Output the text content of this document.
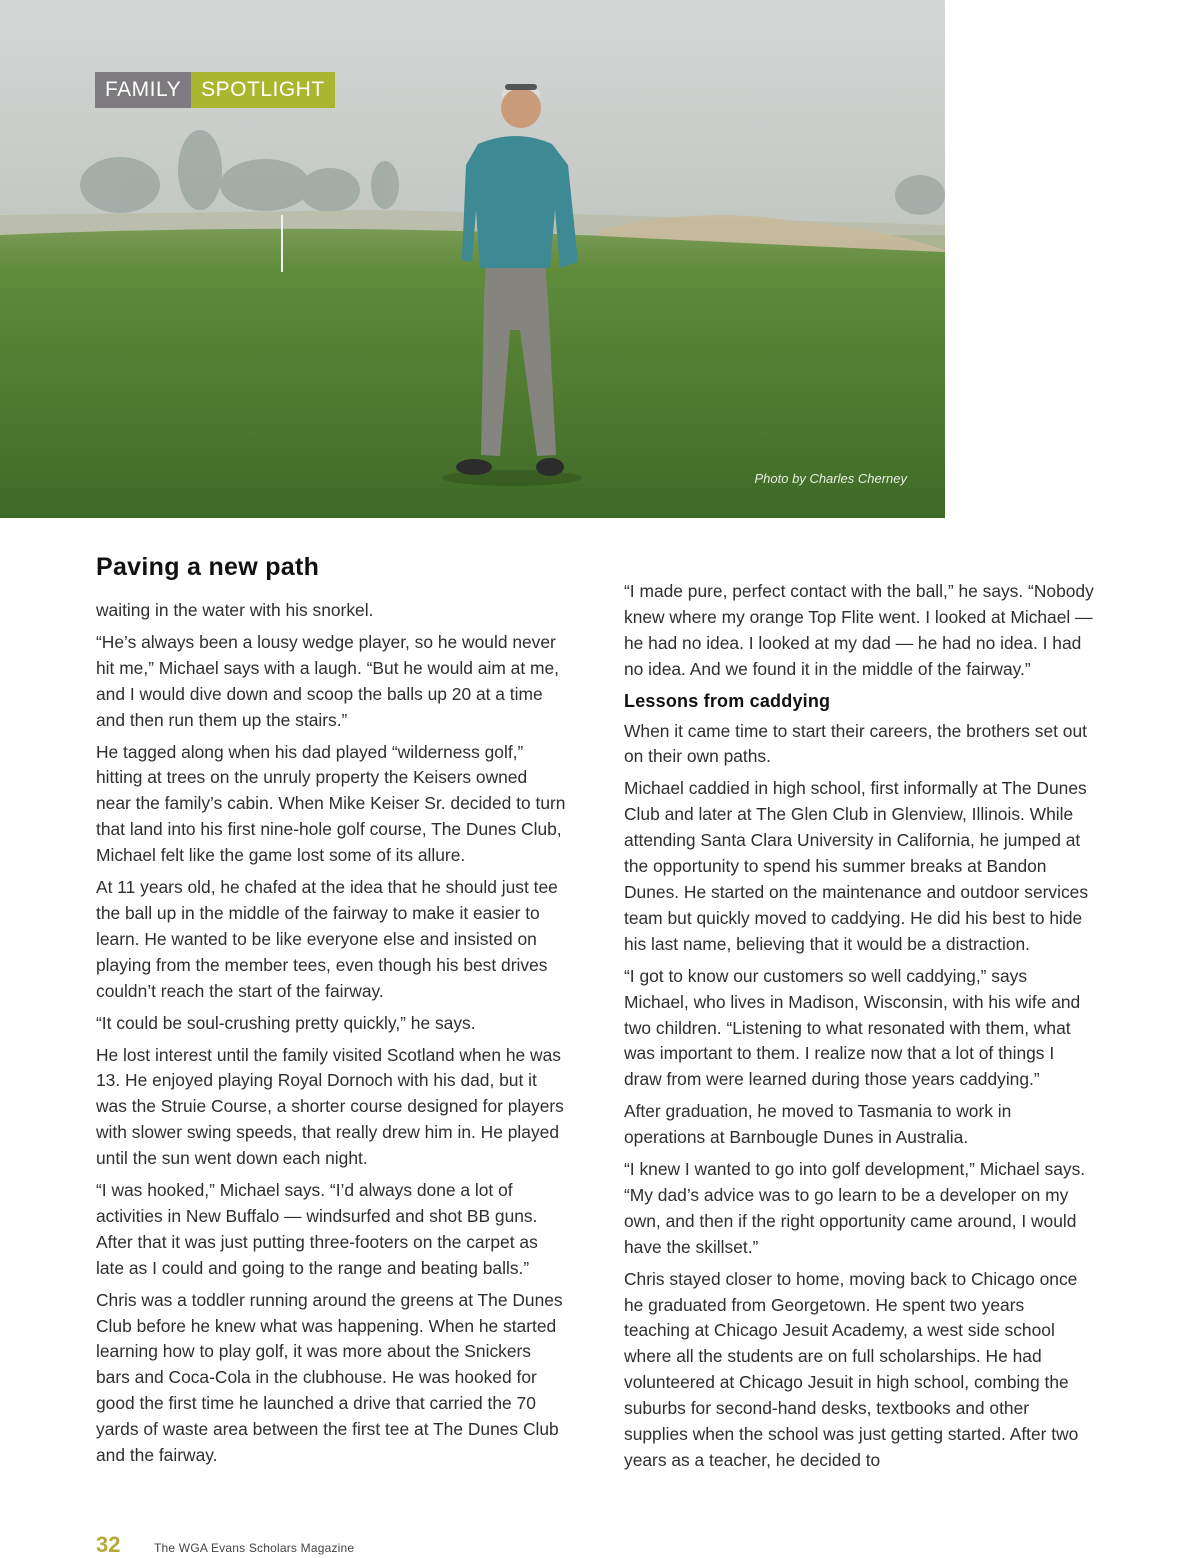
FAMILY SPOTLIGHT
Photo by Charles Cherney
Paving a new path

waiting in the water with his snorkel.

“He’s always been a lousy wedge player, so he would never hit me,” Michael says with a laugh. “But he would aim at me, and I would dive down and scoop the balls up 20 at a time and then run them up the stairs.”

He tagged along when his dad played “wilderness golf,” hitting at trees on the unruly property the Keisers owned near the family’s cabin. When Mike Keiser Sr. decided to turn that land into his first nine-hole golf course, The Dunes Club, Michael felt like the game lost some of its allure.

At 11 years old, he chafed at the idea that he should just tee the ball up in the middle of the fairway to make it easier to learn. He wanted to be like everyone else and insisted on playing from the member tees, even though his best drives couldn’t reach the start of the fairway.

“It could be soul-crushing pretty quickly,” he says.

He lost interest until the family visited Scotland when he was 13. He enjoyed playing Royal Dornoch with his dad, but it was the Struie Course, a shorter course designed for players with slower swing speeds, that really drew him in. He played until the sun went down each night.

“I was hooked,” Michael says. “I’d always done a lot of activities in New Buffalo — windsurfed and shot BB guns. After that it was just putting three-footers on the carpet as late as I could and going to the range and beating balls.”

Chris was a toddler running around the greens at The Dunes Club before he knew what was happening. When he started learning how to play golf, it was more about the Snickers bars and Coca-Cola in the clubhouse. He was hooked for good the first time he launched a drive that carried the 70 yards of waste area between the first tee at The Dunes Club and the fairway.

“I made pure, perfect contact with the ball,” he says. “Nobody knew where my orange Top Flite went. I looked at Michael — he had no idea. I looked at my dad — he had no idea. I had no idea. And we found it in the middle of the fairway.”

Lessons from caddying

When it came time to start their careers, the brothers set out on their own paths.

Michael caddied in high school, first informally at The Dunes Club and later at The Glen Club in Glenview, Illinois. While attending Santa Clara University in California, he jumped at the opportunity to spend his summer breaks at Bandon Dunes. He started on the maintenance and outdoor services team but quickly moved to caddying. He did his best to hide his last name, believing that it would be a distraction.

“I got to know our customers so well caddying,” says Michael, who lives in Madison, Wisconsin, with his wife and two children. “Listening to what resonated with them, what was important to them. I realize now that a lot of things I draw from were learned during those years caddying.”

After graduation, he moved to Tasmania to work in operations at Barnbougle Dunes in Australia.

“I knew I wanted to go into golf development,” Michael says. “My dad’s advice was to go learn to be a developer on my own, and then if the right opportunity came around, I would have the skillset.”

Chris stayed closer to home, moving back to Chicago once he graduated from Georgetown. He spent two years teaching at Chicago Jesuit Academy, a west side school where all the students are on full scholarships. He had volunteered at Chicago Jesuit in high school, combing the suburbs for second-hand desks, textbooks and other supplies when the school was just getting started. After two years as a teacher, he decided to

32	The WGA Evans Scholars Magazine
